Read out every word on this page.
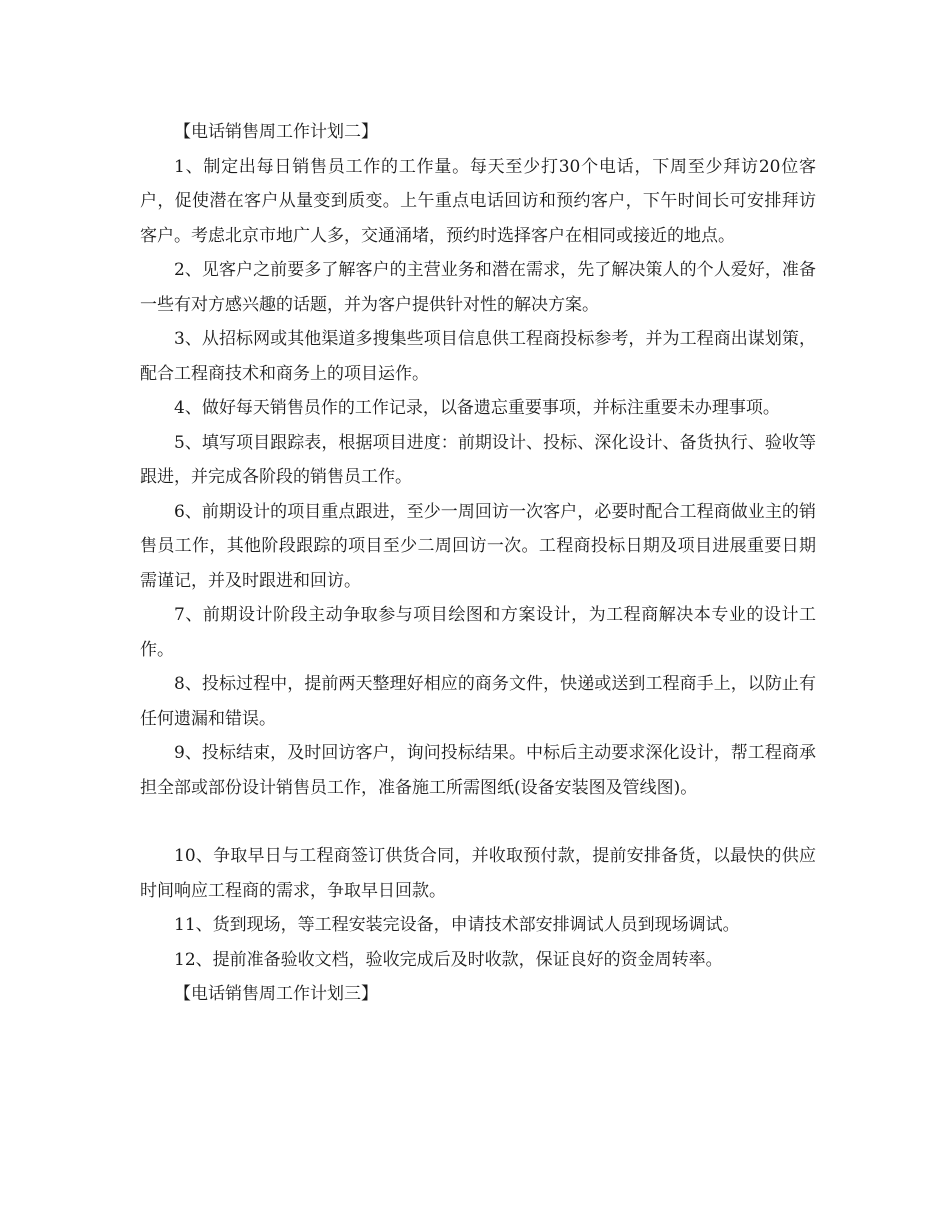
【电话销售周工作计划二】

1、制定出每日销售员工作的工作量。每天至少打30个电话，下周至少拜访20位客户，促使潜在客户从量变到质变。上午重点电话回访和预约客户，下午时间长可安排拜访客户。考虑北京市地广人多，交通涌堵，预约时选择客户在相同或接近的地点。

2、见客户之前要多了解客户的主营业务和潜在需求，先了解决策人的个人爱好，准备一些有对方感兴趣的话题，并为客户提供针对性的解决方案。

3、从招标网或其他渠道多搜集些项目信息供工程商投标参考，并为工程商出谋划策，配合工程商技术和商务上的项目运作。

4、做好每天销售员作的工作记录，以备遗忘重要事项，并标注重要未办理事项。

5、填写项目跟踪表，根据项目进度：前期设计、投标、深化设计、备货执行、验收等跟进，并完成各阶段的销售员工作。

6、前期设计的项目重点跟进，至少一周回访一次客户，必要时配合工程商做业主的销售员工作，其他阶段跟踪的项目至少二周回访一次。工程商投标日期及项目进展重要日期需谨记，并及时跟进和回访。

7、前期设计阶段主动争取参与项目绘图和方案设计，为工程商解决本专业的设计工作。

8、投标过程中，提前两天整理好相应的商务文件，快递或送到工程商手上，以防止有任何遗漏和错误。

9、投标结束，及时回访客户，询问投标结果。中标后主动要求深化设计，帮工程商承担全部或部份设计销售员工作，准备施工所需图纸(设备安装图及管线图)。

10、争取早日与工程商签订供货合同，并收取预付款，提前安排备货，以最快的供应时间响应工程商的需求，争取早日回款。

11、货到现场，等工程安装完设备，申请技术部安排调试人员到现场调试。

12、提前准备验收文档，验收完成后及时收款，保证良好的资金周转率。

【电话销售周工作计划三】
